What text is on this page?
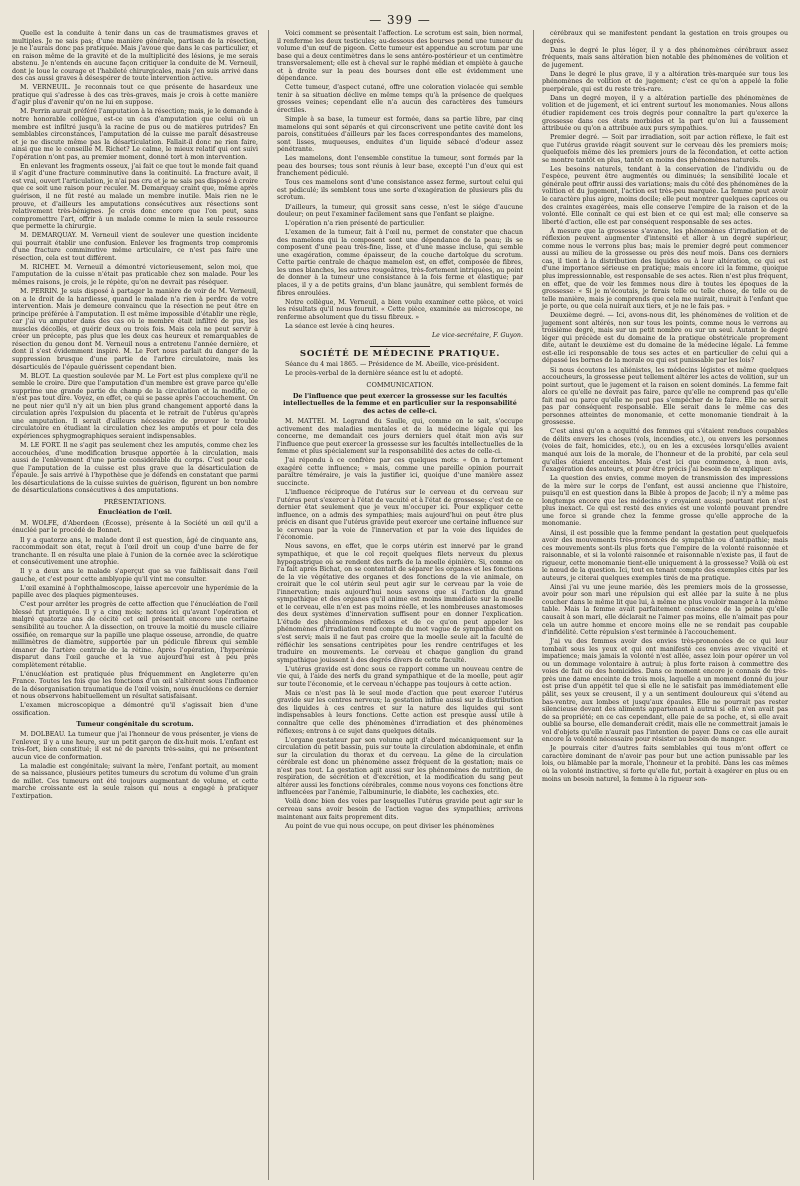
— 399 —

Quelle est la conduite à tenir dans un cas de traumatismes graves et multiples. Je ne sais pas; d'une manière générale, partisan de la résection, je ne l'aurais donc pas pratiquée. Mais j'avoue que dans le cas particulier, et en raison même de la gravité et de la multiplicité des lésions, je me serais abstenu. Je n'entends en aucune façon critiquer la conduite de M. Verneuil, dont je loue le courage et l'habileté chirurgicales, mais j'en suis arrivé dans des cas aussi graves à désespérer de toute intervention active.

M. VERNEUIL. Je reconnais tout ce que présente de hasardeux une pratique qui s'adresse à des cas très-graves, mais je crois à cette manière d'agir plus d'avenir qu'on ne lui en suppose.

M. Perrin aurait préféré l'amputation à la résection; mais, je le demande à notre honorable collègue, est-ce un cas d'amputation que celui où un membre est infiltré jusqu'à la racine de pus ou de matières putrides? En semblables circonstances, l'amputation de la cuisse me paraît désastreuse et je ne discute même pas la désarticulation. Fallait-il donc ne rien faire, ainsi que me le conseille M. Richet? Le calme, le mieux relatif qui ont suivi l'opération n'ont pas, au premier moment, donné tort à mon intervention.

En enlevant les fragments osseux, j'ai fait ce que tout le monde fait quand il s'agit d'une fracture comminutive dans la continuité. La fracture avait, il est vrai, ouvert l'articulation, je n'ai pas cru et je ne sais pas disposé à croire que ce soit une raison pour reculer. M. Demarquay craint que, même après guérison, il ne fût resté au malade un membre inutile. Mais rien ne le prouve, et d'ailleurs les amputations consécutives aux résections sont relativement très-bénignes. Je crois donc encore que l'on peut, sans compromettre l'art, offrir à un malade comme le mien la seule ressource que permette la chirurgie.

M. DEMARQUAY. M. Verneuil vient de soulever une question incidente qui pourrait établir une confusion. Enlever les fragments trop compromis d'une fracture comminutive même articulaire, ce n'est pas faire une résection, cela est tout différent.

M. RICHET. M. Verneuil a démontré victorieusement, selon moi, que l'amputation de la cuisse n'était pas praticable chez son malade. Pour les mêmes raisons, je crois, je le répète, qu'on ne devrait pas réséquer.

M. PERRIN. Je suis disposé à partager la manière de voir de M. Verneuil, on a le droit de la hardiesse, quand le malade n'a rien à perdre de votre intervention. Mais je demeure convaincu que la résection ne peut être en principe préférée à l'amputation. Il est même impossible d'établir une règle, car j'ai vu amputer dans des cas où le membre était infiltré de pus, les muscles décollés, et guérir deux ou trois fois. Mais cela ne peut servir à créer un précepte, pas plus que les deux cas heureux et remarquables de résection du genou dont M. Verneuil nous a entretenu l'année dernière, et dont il s'est évidemment inspiré. M. Le Fort nous parlait du danger de la suppression brusque d'une partie de l'arbre circulatoire, mais les désarticulés de l'épaule guérissent cependant bien.

M. BLOT. La question soulevée par M. Le Fort est plus complexe qu'il ne semble le croire. Dire que l'amputation d'un membre est grave parce qu'elle supprime une grande partie du champ de la circulation et la modifie, ce n'est pas tout dire. Voyez, en effet, ce qui se passe après l'accouchement. On ne peut nier qu'il n'y ait un bien plus grand changement apporté dans la circulation après l'expulsion du placenta et le retrait de l'utérus qu'après une amputation. Il serait d'ailleurs nécessaire de prouver le trouble circulatoire en étudiant la circulation chez les amputés et pour cela des expériences sphygmographiques seraient indispensables.

M. LE FORT. Il ne s'agit pas seulement chez les amputés, comme chez les accouchées, d'une modification brusque apportée à la circulation, mais aussi de l'enlèvement d'une partie considérable du corps. C'est pour cela que l'amputation de la cuisse est plus grave que la désarticulation de l'épaule. Je sais arrivé à l'hypothèse que je défends en constatant que parmi les désarticulations de la cuisse suivies de guérison, figurent un bon nombre de désarticulations consécutives à des amputations.

PRÉSENTATIONS.

Énucléation de l'œil.

M. WOLFE, d'Aberdeen (Écosse), présente à la Société un œil qu'il a énucléé par le procédé de Bonnet.

Il y a quatorze ans, le malade dont il est question, âgé de cinquante ans, raccommodait son état, reçut à l'œil droit un coup d'une barre de fer tranchante. Il en résulta une plaie à l'union de la cornée avec la sclérotique et consécutivement une atrophie.

Il y a deux ans le malade s'aperçut que sa vue faiblissait dans l'œil gauche, et c'est pour cette amblyopie qu'il vint me consulter.

L'œil examiné à l'ophthalmoscope, laisse apercevoir une hyperémie de la papille avec des plaques pigmenteuses.

C'est pour arrêter les progrès de cette affection que l'énucléation de l'œil blessé fut pratiquée. Il y a cinq mois; notons ici qu'avant l'opération et malgré quatorze ans de cécité cet œil présentait encore une certaine sensibilité au toucher. À la dissection, on trouve la moitié du muscle ciliaire ossifiée, on remarque sur la papille une plaque osseuse, arrondie, de quatre millimètres de diamètre, supportée par un pédicule fibreux qui semble émaner de l'artère centrale de la rétine. Après l'opération, l'hyperémie disparut dans l'œil gauche et la vue aujourd'hui est à peu près complètement rétablie.

L'énucléation est pratiquée plus fréquemment en Angleterre qu'en France. Toutes les fois que les fonctions d'un œil s'altèrent sous l'influence de la désorganisation traumatique de l'œil voisin, nous énucléons ce dernier et nous observons habituellement un résultat satisfaisant.

L'examen microscopique a démontré qu'il s'agissait bien d'une ossification.

Tumeur congénitale du scrotum.

M. DOLBEAU. La tumeur que j'ai l'honneur de vous présenter, je viens de l'enlever, il y a une heure, sur un petit garçon de dix-huit mois. L'enfant est très-fort, bien constitué; il est né de parents très-sains, qui ne présentent aucun vice de conformation.

La maladie est congénitale; suivant la mère, l'enfant portait, au moment de sa naissance, plusieurs petites tumeurs du scrotum du volume d'un grain de millet. Ces tumeurs ont été toujours augmentant de volume, et cette marche croissante est la seule raison qui nous a engagé à pratiquer l'extirpation.

Voici comment se présentait l'affection. Le scrotum est sain, bien normal, il renferme les deux testicules; au-dessous des bourses pend une tumeur du volume d'un œuf de pigeon. Cette tumeur est appendue au scrotum par une base qui a deux centimètres dans le sens antéro-postérieur et un centimètre transversalement; elle est à cheval sur le raphé médian et empiète à gauche et à droite sur la peau des bourses dont elle est évidemment une dépendance.

Cette tumeur, d'aspect cutané, offre une coloration violacée qui semble tenir à sa situation déclive en même temps qu'à la présence de quelques grosses veines; cependant elle n'a aucun des caractères des tumeurs érectiles.

Simple à sa base, la tumeur est formée, dans sa partie libre, par cinq mamelons qui sont séparés et qui circonscrivent une petite cavité dont les parois, constituées d'ailleurs par les faces correspondantes des mamelons, sont lisses, muqueuses, enduites d'un liquide sébacé d'odeur assez pénétrante.

Les mamelons, dont l'ensemble constitue la tumeur, sont formés par la peau des bourses; tous sont réunis à leur base, excepté l'un d'eux qui est franchement pédiculé.

Tous ces mamelons sont d'une consistance assez ferme, surtout celui qui est pédiculé; ils semblent tous une sorte d'exagération de plusieurs plis du scrotum.

D'ailleurs, la tumeur, qui grossit sans cesse, n'est le siége d'aucune douleur; on peut l'examiner facilement sans que l'enfant se plaigne.

L'opération n'a rien présenté de particulier.

L'examen de la tumeur, fait à l'œil nu, permet de constater que chacun des mamelons qui la composent sont une dépendance de la peau; ils se composent d'une peau très-fine, lisse, et d'une masse incluse, qui semble une exagération, comme épaisseur, de la couche dartoïque du scrotum. Cette partie centrale de chaque mamelon est, en effet, composée de fibres, les unes blanches, les autres rougeâtres, très-fortement intriquées, au point de donner à la tumeur une consistance à la fois ferme et élastique; par places, il y a de petits grains, d'un blanc jaunâtre, qui semblent formés de fibres enroulées.

Notre collègue, M. Verneuil, a bien voulu examiner cette pièce, et voici les résultats qu'il nous fournit. « Cette pièce, examinée au microscope, ne renferme absolument que du tissu fibreux. »

La séance est levée à cinq heures.

Le vice-secrétaire, F. Guyon.

SOCIÉTÉ DE MÉDECINE PRATIQUE.

Séance du 4 mai 1865. — Présidence de M. Abeille, vice-président.

Le procès-verbal de la dernière séance est lu et adopté.

COMMUNICATION.

De l'influence que peut exercer la grossesse sur les facultés intellectuelles de la femme et en particulier sur la responsabilité des actes de celle-ci.

M. MATTEI. M. Legrand du Saulle, qui, comme on le sait, s'occupe activement des maladies mentales et de la médecine légale qui les concerne, me demandait ces jours derniers quel était mon avis sur l'influence que peut exercer la grossesse sur les facultés intellectuelles de la femme et plus spécialement sur la responsabilité des actes de celle-ci.

J'ai répondu à ce confrère par ces quelques mots: « On a fortement exagéré cette influence; » mais, comme une pareille opinion pourrait paraître téméraire, je vais la justifier ici, quoique d'une manière assez succincte.

L'influence réciproque de l'utérus sur le cerveau et du cerveau sur l'utérus peut s'exercer à l'état de vacuité et à l'état de grossesse; c'est de ce dernier état seulement que je veux m'occuper ici. Pour expliquer cette influence, on a admis des sympathies; mais aujourd'hui on peut être plus précis en disant que l'utérus gravide peut exercer une certaine influence sur le cerveau par la voie de l'innervation et par la voie des liquides de l'économie.

Nous savons, en effet, que le corps utérin est innervé par le grand sympathique, et que le col reçoit quelques filets nerveux du plexus hypogastrique où se rendent des nerfs de la moelle épinière. Si, comme on l'a fait après Bichat, on se contentait de séparer les organes et les fonctions de la vie végétative des organes et des fonctions de la vie animale, on croirait que le col utérin seul peut agir sur le cerveau par la voie de l'innervation; mais aujourd'hui nous savons que si l'action du grand sympathique et des organes qu'il anime est moins immédiate sur la moelle et le cerveau, elle n'en est pas moins réelle, et les nombreuses anastomoses des deux systèmes d'innervation suffisent pour en donner l'explication. L'étude des phénomènes réflexes et de ce qu'on peut appeler les phénomènes d'irradiation rend compte du mot vague de sympathie dont on s'est servi; mais il ne faut pas croire que la moelle seule ait la faculté de réfléchir les sensations centripètes pour les rendre centrifuges et les traduire en mouvements. Le cerveau et chaque ganglion du grand sympathique jouissent à des degrés divers de cette faculté.

L'utérus gravide est donc sous ce rapport comme un nouveau centre de vie qui, à l'aide des nerfs du grand sympathique et de la moelle, peut agir sur toute l'économie, et le cerveau n'échappe pas toujours à cette action.

Mais ce n'est pas là le seul mode d'action que peut exercer l'utérus gravide sur les centres nerveux; la gestation influe aussi sur la distribution des liquides à ces centres et sur la nature des liquides qui sont indispensables à leurs fonctions. Cette action est presque aussi utile à connaître que celle des phénomènes d'irradiation et des phénomènes réflexes; entrons à ce sujet dans quelques détails.

L'organe gestateur par son volume agit d'abord mécaniquement sur la circulation du petit bassin, puis sur toute la circulation abdominale, et enfin sur la circulation du thorax et du cerveau. La gêne de la circulation cérébrale est donc un phénomène assez fréquent de la gestation; mais ce n'est pas tout. La gestation agit aussi sur les phénomènes de nutrition, de respiration, de sécrétion et d'excrétion, et la modification du sang peut altérer aussi les fonctions cérébrales, comme nous voyons ces fonctions être influencées par l'anémie, l'albuminurie, le diabète, les cachexies, etc.

Voilà donc bien des voies par lesquelles l'utérus gravide peut agir sur le cerveau sans avoir besoin de l'action vague des sympathies; arrivons maintenant aux faits proprement dits.

Au point de vue qui nous occupe, on peut diviser les phénomènes

cérébraux qui se manifestent pendant la gestation en trois groupes ou degrés.

Dans le degré le plus léger, il y a des phénomènes cérébraux assez fréquents, mais sans altération bien notable des phénomènes de volition et de jugement.

Dans le degré le plus grave, il y a altération très-marquée sur tous les phénomènes de volition et de jugement; c'est ce qu'on a appelé la folie puerpérale, qui est du reste très-rare.

Dans un degré moyen, il y a altération partielle des phénomènes de volition et de jugement, et ici entrent surtout les monomanies. Nous allons étudier rapidement ces trois degrés pour connaître la part qu'exerce la grossesse dans ces états morbides et la part qu'on lui a faussement attribuée ou qu'on a attribuée aux purs sympathies.

Premier degré. — Soit par irradiation, soit par action réflexe, le fait est que l'utérus gravide réagit souvent sur le cerveau dès les premiers mois; quelquefois même dès les premiers jours de la fécondation, et cette action se montre tantôt en plus, tantôt en moins des phénomènes naturels.

Les besoins naturels, tendant à la conservation de l'individu ou de l'espèce, peuvent être augmentés ou diminués; la sensibilité locale et générale peut offrir aussi des variations; mais du côté des phénomènes de la volition et du jugement, l'action est très-peu marquée. La femme peut avoir le caractère plus aigre, moins docile; elle peut montrer quelques caprices ou des craintes exagérées, mais elle conserve l'empire de la raison et de la volonté. Elle connaît ce qui est bien et ce qui est mal; elle conserve sa liberté d'action, elle est par conséquent responsable de ses actes.

À mesure que la grossesse s'avance, les phénomènes d'irradiation et de réflexion peuvent augmenter d'intensité et aller à un degré supérieur, comme nous le verrons plus bas; mais le premier degré peut commencer aussi au milieu de la grossesse ou près des neuf mois. Dans ces derniers cas, il tient à la distribution des liquides ou à leur altération, ce qui est d'une importance sérieuse en pratique; mais encore ici la femme, quoique plus impressionnable, est responsable de ses actes. Rien n'est plus fréquent, en effet, que de voir les femmes nous dire à toutes les époques de la grossesse: « Si je m'écoutais, je ferais telle ou telle chose, de telle ou de telle manière, mais je comprends que cela me nuirait, nuirait à l'enfant que je porte, ou que cela nuirait aux tiers, et je ne le fais pas. »

Deuxième degré. — Ici, avons-nous dit, les phénomènes de volition et de jugement sont altérés, non sur tous les points, comme nous le verrons au troisième degré, mais sur un petit nombre ou sur un seul. Autant le degré léger qui précède est du domaine de la pratique obstétricale proprement dite, autant le deuxième est du domaine de la médecine légale. La femme est-elle ici responsable de tous ses actes et en particulier de celui qui a dépassé les bornes de la morale ou qui est punissable par les lois?

Si nous écoutons les aliénistes, les médecins légistes et même quelques accoucheurs, la grossesse peut tellement altérer les actes de volition, sur un point surtout, que le jugement et la raison en soient dominés. La femme fait alors ce qu'elle ne devrait pas faire, parce qu'elle ne comprend pas qu'elle fait mal ou parce qu'elle ne peut pas s'empêcher de le faire. Elle ne serait pas par conséquent responsable. Elle serait dans le même cas des personnes atteintes de monomanie, et cette monomanie tiendrait à la grossesse.

C'est ainsi qu'on a acquitté des femmes qui s'étaient rendues coupables de délits envers les choses (vols, incendies, etc.), ou envers les personnes (voies de fait, homicides, etc.), ou en les a excusées lorsqu'elles avaient manqué aux lois de la morale, de l'honneur et de la probité, par cela seul qu'elles étaient enceintes. Mais c'est ici que commence, à mon avis, l'exagération des auteurs, et pour être précis j'ai besoin de m'expliquer.

La question des envies, comme moyen de transmission des impressions de la mère sur le corps de l'enfant, est aussi ancienne que l'histoire, puisqu'il en est question dans la Bible à propos de Jacob; il n'y a même pas longtemps encore que les médecins y croyaient aussi; pourtant rien n'est plus inexact. Ce qui est resté des envies est une volonté pouvant prendre une force si grande chez la femme grosse qu'elle approche de la monomanie.

Ainsi, il est possible que la femme pendant la gestation peut quelquefois avoir des mouvements très-prononcés de sympathie ou d'antipathie; mais ces mouvements sont-ils plus forts que l'empire de la volonté raisonnée et raisonnable, et si la volonté raisonnée et raisonnable n'existe pas, il faut de rigueur, cette monomanie tient-elle uniquement à la grossesse? Voilà où est le nœud de la question. Ici, tout en tenant compte des exemples cités par les auteurs, je citerai quelques exemples tirés de ma pratique.

Ainsi j'ai vu une jeune mariée, dès les premiers mois de la grossesse, avoir pour son mari une répulsion qui est allée par la suite à ne plus coucher dans le même lit que lui, à même ne plus vouloir manger à la même table. Mais la femme avait parfaitement conscience de la peine qu'elle causait à son mari, elle déclarait ne l'aimer pas moins, elle n'aimait pas pour cela un autre homme et encore moins elle ne se rendait pas coupable d'infidélité. Cette répulsion s'est terminée à l'accouchement.

J'ai vu des femmes avoir des envies très-prononcées de ce qui leur tombait sous les yeux et qui ont manifesté ces envies avec vivacité et impatience; mais jamais la volonté n'est allée, assez loin pour opérer un vol ou un dommage volontaire à autrui; à plus forte raison à commettre des voies de fait ou des homicides. Dans ce moment encore je connais de très-près une dame enceinte de trois mois, laquelle a un moment donné du jour est prise d'un appétit tel que si elle ne le satisfait pas immédiatement elle pâlit, ses yeux se creusent, il y a un sentiment douloureux qui s'étend au bas-ventre, aux lombes et jusqu'aux épaules. Elle ne pourrait pas rester silencieuse devant des aliments appartenant à autrui si elle n'en avait pas de sa propriété; en ce cas cependant, elle paie de sa poche, et, si elle avait oublié sa bourse, elle demanderait crédit, mais elle ne commettrait jamais le vol d'objets qu'elle n'aurait pas l'intention de payer. Dans ce cas elle aurait encore la volonté nécessaire pour résister au besoin de manger.

Je pourrais citer d'autres faits semblables qui tous m'ont offert ce caractère dominant de n'avoir pas pour but une action punissable par les lois, ou blâmable par la morale, l'honneur et la probité. Dans les cas mêmes où la volonté instinctive, si forte qu'elle fut, portait à exagérer en plus ou en moins un besoin naturel, la femme à la rigueur son-
